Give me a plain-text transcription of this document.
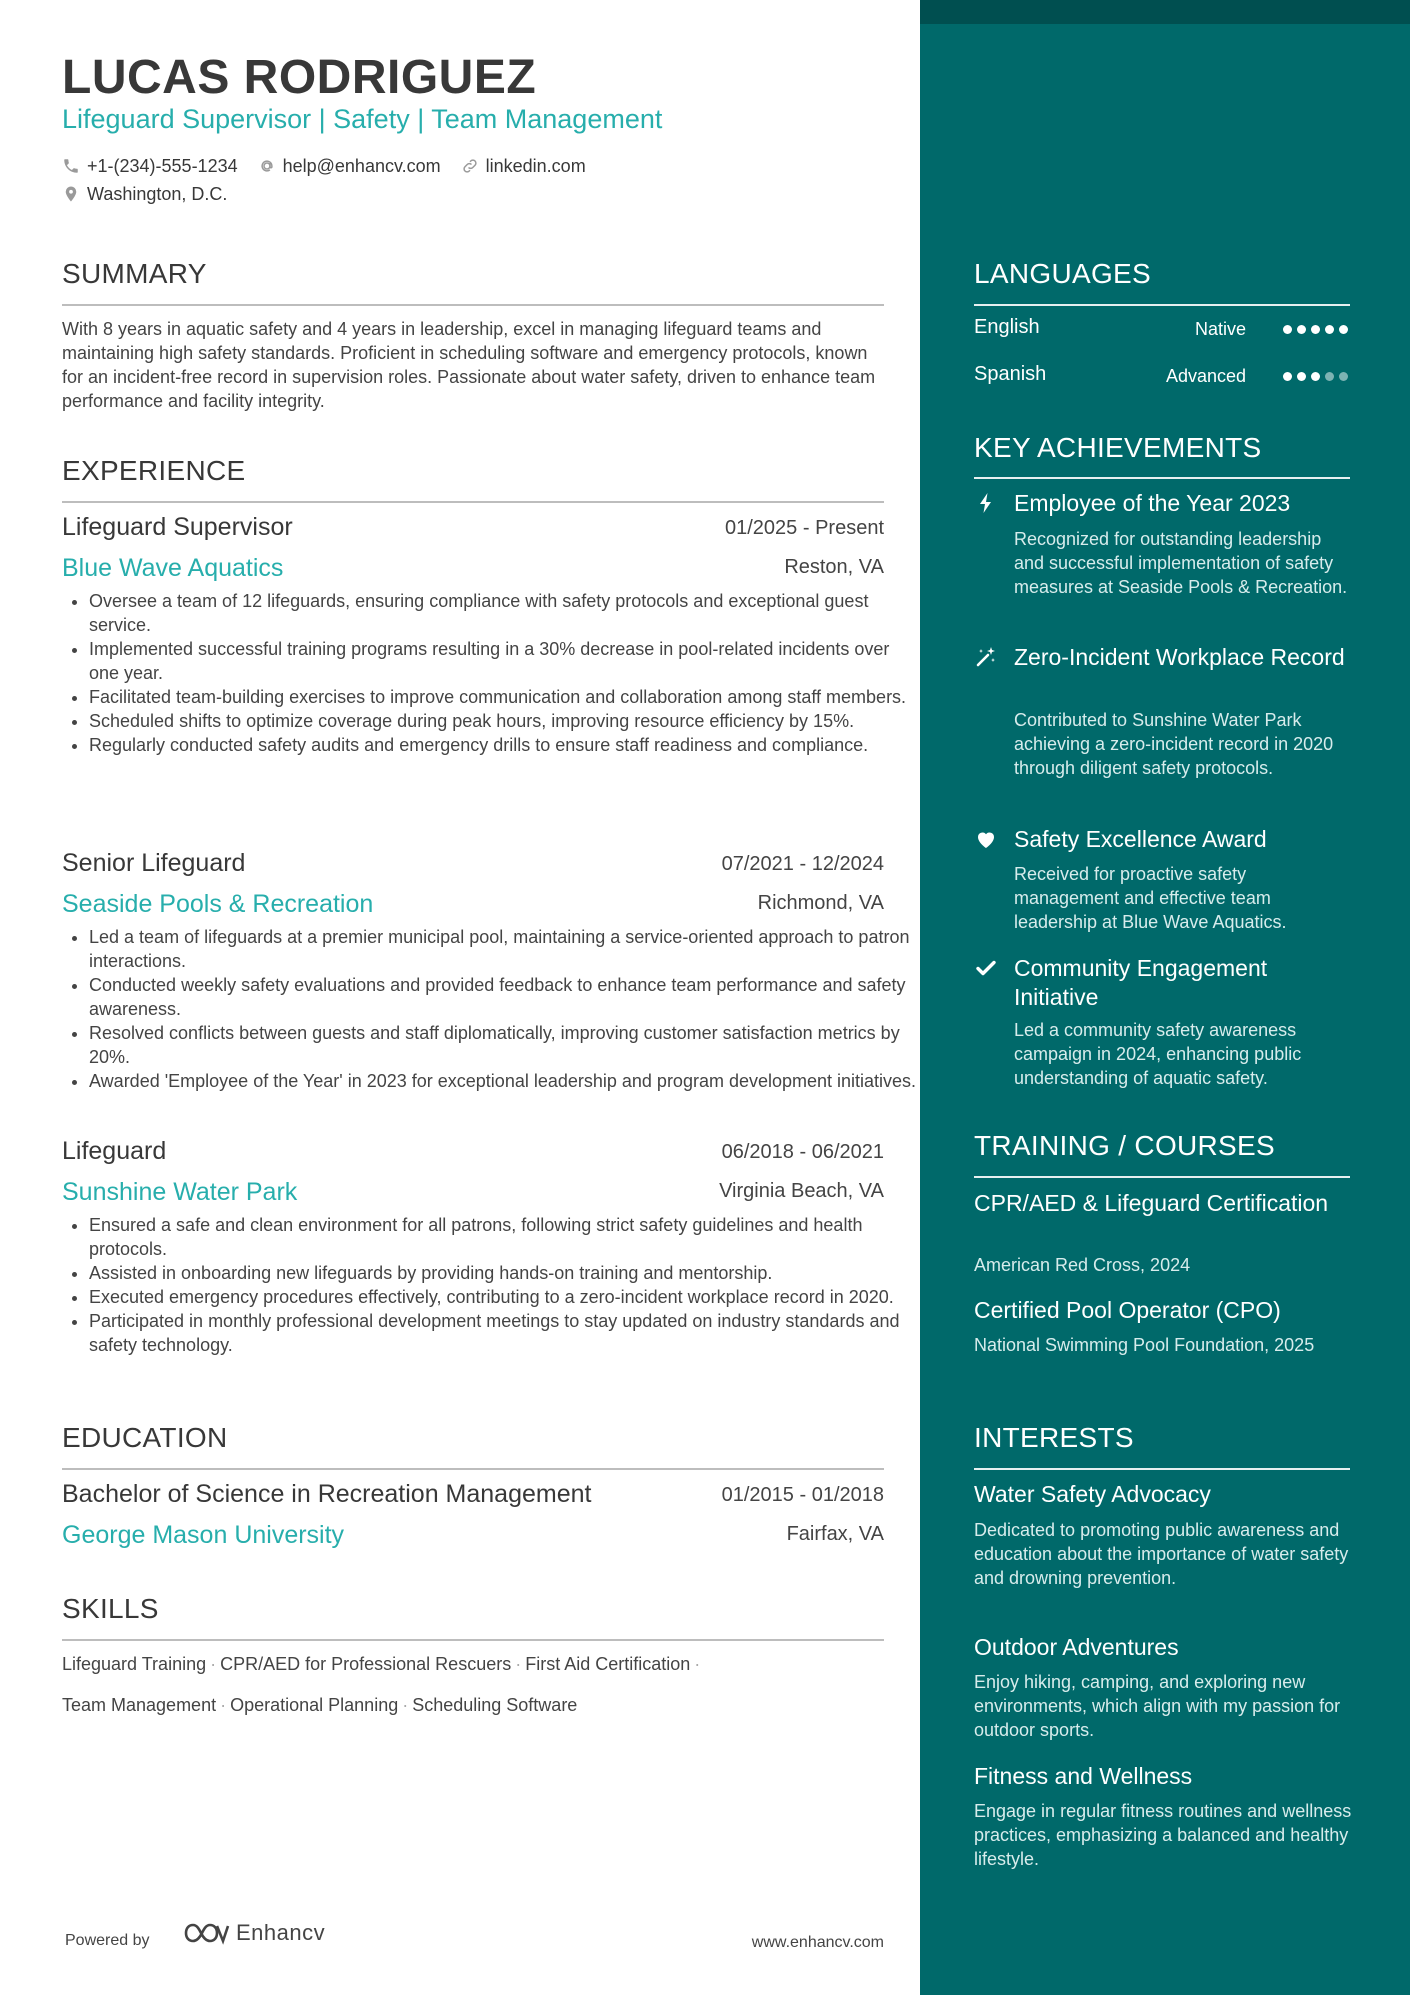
LUCAS RODRIGUEZ
Lifeguard Supervisor | Safety | Team Management
+1-(234)-555-1234	help@enhancv.com	linkedin.com
Washington, D.C.
SUMMARY
With 8 years in aquatic safety and 4 years in leadership, excel in managing lifeguard teams and maintaining high safety standards. Proficient in scheduling software and emergency protocols, known for an incident-free record in supervision roles. Passionate about water safety, driven to enhance team performance and facility integrity.
EXPERIENCE
Lifeguard Supervisor	01/2025 - Present
Blue Wave Aquatics	Reston, VA
• Oversee a team of 12 lifeguards, ensuring compliance with safety protocols and exceptional guest service.
• Implemented successful training programs resulting in a 30% decrease in pool-related incidents over one year.
• Facilitated team-building exercises to improve communication and collaboration among staff members.
• Scheduled shifts to optimize coverage during peak hours, improving resource efficiency by 15%.
• Regularly conducted safety audits and emergency drills to ensure staff readiness and compliance.
Senior Lifeguard	07/2021 - 12/2024
Seaside Pools & Recreation	Richmond, VA
• Led a team of lifeguards at a premier municipal pool, maintaining a service-oriented approach to patron interactions.
• Conducted weekly safety evaluations and provided feedback to enhance team performance and safety awareness.
• Resolved conflicts between guests and staff diplomatically, improving customer satisfaction metrics by 20%.
• Awarded 'Employee of the Year' in 2023 for exceptional leadership and program development initiatives.
Lifeguard	06/2018 - 06/2021
Sunshine Water Park	Virginia Beach, VA
• Ensured a safe and clean environment for all patrons, following strict safety guidelines and health protocols.
• Assisted in onboarding new lifeguards by providing hands-on training and mentorship.
• Executed emergency procedures effectively, contributing to a zero-incident workplace record in 2020.
• Participated in monthly professional development meetings to stay updated on industry standards and safety technology.
EDUCATION
Bachelor of Science in Recreation Management	01/2015 - 01/2018
George Mason University	Fairfax, VA
SKILLS
Lifeguard Training · CPR/AED for Professional Rescuers · First Aid Certification ·
Team Management · Operational Planning · Scheduling Software
Powered by	Enhancv	www.enhancv.com
LANGUAGES
English	Native
Spanish	Advanced
KEY ACHIEVEMENTS
Employee of the Year 2023
Recognized for outstanding leadership and successful implementation of safety measures at Seaside Pools & Recreation.
Zero-Incident Workplace Record
Contributed to Sunshine Water Park achieving a zero-incident record in 2020 through diligent safety protocols.
Safety Excellence Award
Received for proactive safety management and effective team leadership at Blue Wave Aquatics.
Community Engagement Initiative
Led a community safety awareness campaign in 2024, enhancing public understanding of aquatic safety.
TRAINING / COURSES
CPR/AED & Lifeguard Certification
American Red Cross, 2024
Certified Pool Operator (CPO)
National Swimming Pool Foundation, 2025
INTERESTS
Water Safety Advocacy
Dedicated to promoting public awareness and education about the importance of water safety and drowning prevention.
Outdoor Adventures
Enjoy hiking, camping, and exploring new environments, which align with my passion for outdoor sports.
Fitness and Wellness
Engage in regular fitness routines and wellness practices, emphasizing a balanced and healthy lifestyle.
